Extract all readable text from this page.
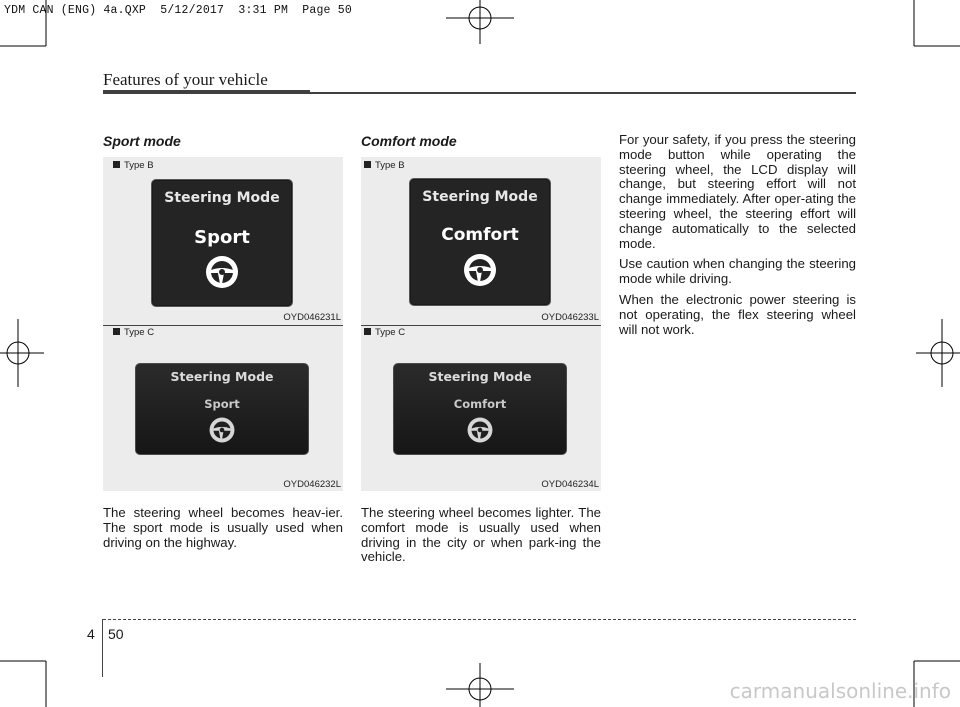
YDM CAN (ENG) 4a.QXP  5/12/2017  3:31 PM  Page 50
Features of your vehicle
Sport mode
Type B
Steering Mode
Sport
OYD046231L
Type C
Steering Mode
Sport
OYD046232L

The steering wheel becomes heav-ier. The sport mode is usually used when driving on the highway.

Comfort mode
Type B
Steering Mode
Comfort
OYD046233L
Type C
Steering Mode
Comfort
OYD046234L

The steering wheel becomes lighter. The comfort mode is usually used when driving in the city or when park-ing the vehicle.

For your safety, if you press the steering mode button while operating the steering wheel, the LCD display will change, but steering effort will not change immediately. After oper-ating the steering wheel, the steering effort will change automatically to the selected mode.

Use caution when changing the steering mode while driving.

When the electronic power steering is not operating, the flex steering wheel will not work.

4 50
carmanualsonline.info
